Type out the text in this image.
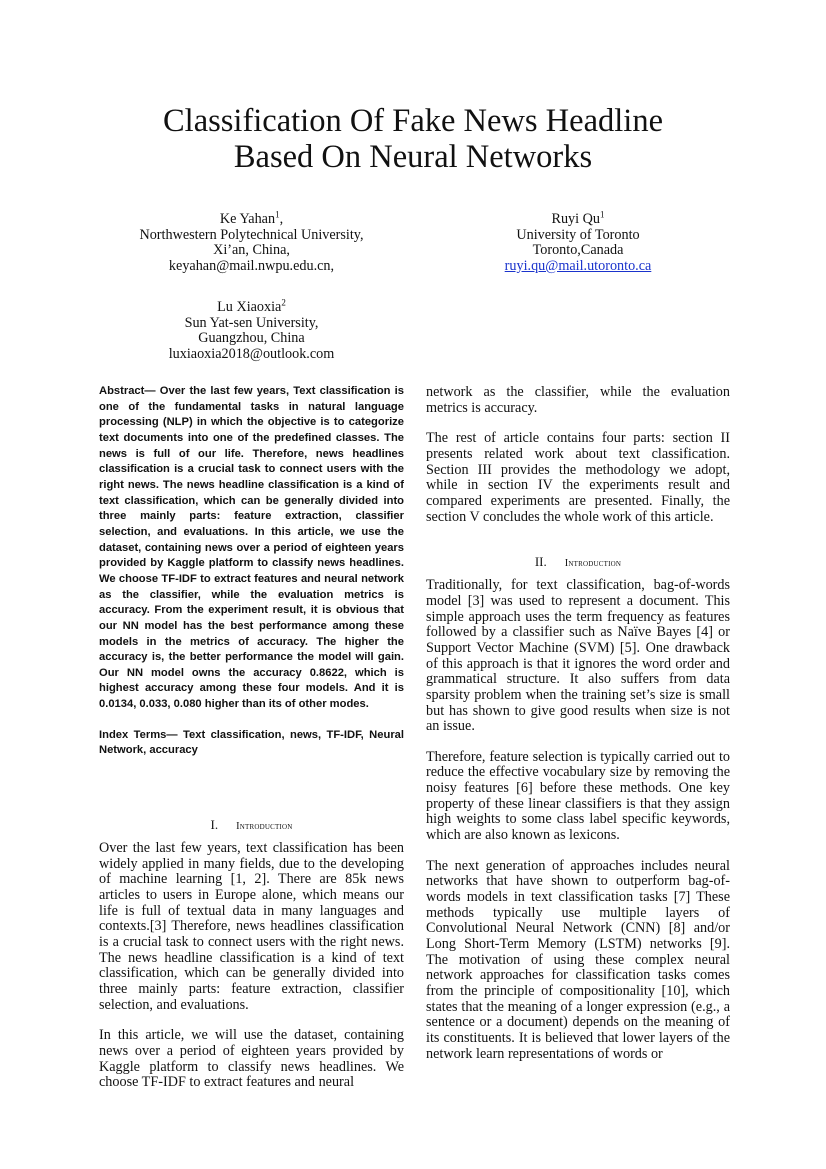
Classification Of Fake News Headline
Based On Neural Networks
Ke Yahan$^1$,
Northwestern Polytechnical University,
Xi’an, China,
keyahan@mail.nwpu.edu.cn,
Lu Xiaoxia$^2$
Sun Yat-sen University,
Guangzhou, China
luxiaoxia2018@outlook.com
Ruyi Qu$^1$
University of Toronto
Toronto,Canada
ruyi.qu@mail.utoronto.ca

Abstract— Over the last few years, Text classification is one of the fundamental tasks in natural language processing (NLP) in which the objective is to categorize text documents into one of the predefined classes. The news is full of our life. Therefore, news headlines classification is a crucial task to connect users with the right news. The news headline classification is a kind of text classification, which can be generally divided into three mainly parts: feature extraction, classifier selection, and evaluations. In this article, we use the dataset, containing news over a period of eighteen years provided by Kaggle platform to classify news headlines. We choose TF-IDF to extract features and neural network as the classifier, while the evaluation metrics is accuracy. From the experiment result, it is obvious that our NN model has the best performance among these models in the metrics of accuracy. The higher the accuracy is, the better performance the model will gain. Our NN model owns the accuracy 0.8622, which is highest accuracy among these four models. And it is 0.0134, 0.033, 0.080 higher than its of other modes.

Index Terms— Text classification, news, TF-IDF, Neural Network, accuracy

I. Introduction

Over the last few years, text classification has been widely applied in many fields, due to the developing of machine learning [1, 2]. There are 85k news articles to users in Europe alone, which means our life is full of textual data in many languages and contexts.[3] Therefore, news headlines classification is a crucial task to connect users with the right news. The news headline classification is a kind of text classification, which can be generally divided into three mainly parts: feature extraction, classifier selection, and evaluations.

In this article, we will use the dataset, containing news over a period of eighteen years provided by Kaggle platform to classify news headlines. We choose TF-IDF to extract features and neural

network as the classifier, while the evaluation metrics is accuracy.

The rest of article contains four parts: section II presents related work about text classification. Section III provides the methodology we adopt, while in section IV the experiments result and compared experiments are presented. Finally, the section V concludes the whole work of this article.

II. Introduction

Traditionally, for text classification, bag-of-words model [3] was used to represent a document. This simple approach uses the term frequency as features followed by a classifier such as Naïve Bayes [4] or Support Vector Machine (SVM) [5]. One drawback of this approach is that it ignores the word order and grammatical structure. It also suffers from data sparsity problem when the training set’s size is small but has shown to give good results when size is not an issue.

Therefore, feature selection is typically carried out to reduce the effective vocabulary size by removing the noisy features [6] before these methods. One key property of these linear classifiers is that they assign high weights to some class label specific keywords, which are also known as lexicons.

The next generation of approaches includes neural networks that have shown to outperform bag-of-words models in text classification tasks [7] These methods typically use multiple layers of Convolutional Neural Network (CNN) [8] and/or Long Short-Term Memory (LSTM) networks [9]. The motivation of using these complex neural network approaches for classification tasks comes from the principle of compositionality [10], which states that the meaning of a longer expression (e.g., a sentence or a document) depends on the meaning of its constituents. It is believed that lower layers of the network learn representations of words or
